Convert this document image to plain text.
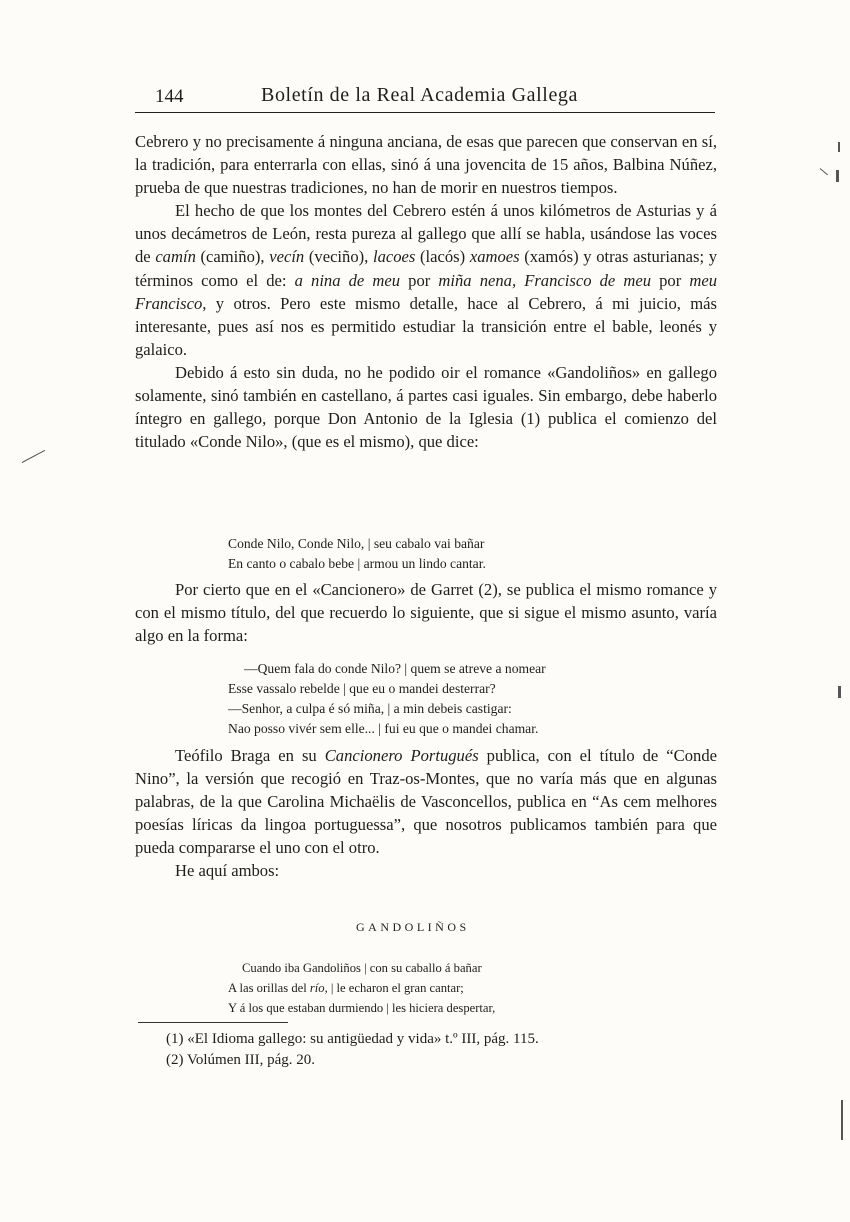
144	Boletín de la Real Academia Gallega

Cebrero y no precisamente á ninguna anciana, de esas que parecen que conservan en sí, la tradición, para enterrarla con ellas, sinó á una jovencita de 15 años, Balbina Núñez, prueba de que nuestras tradiciones, no han de morir en nuestros tiempos.

El hecho de que los montes del Cebrero estén á unos kilómetros de Asturias y á unos decámetros de León, resta pureza al gallego que allí se habla, usándose las voces de camín (camiño), vecín (veciño), lacoes (lacós) xamoes (xamós) y otras asturianas; y términos como el de: a nina de meu por miña nena, Francisco de meu por meu Francisco, y otros. Pero este mismo detalle, hace al Cebrero, á mi juicio, más interesante, pues así nos es permitido estudiar la transición entre el bable, leonés y galaico.

Debido á esto sin duda, no he podido oir el romance «Gandoliños» en gallego solamente, sinó también en castellano, á partes casi iguales. Sin embargo, debe haberlo íntegro en gallego, porque Don Antonio de la Iglesia (1) publica el comienzo del titulado «Conde Nilo», (que es el mismo), que dice:

Conde Nilo, Conde Nilo, | seu cabalo vai bañar
En canto o cabalo bebe | armou un lindo cantar.

Por cierto que en el «Cancionero» de Garret (2), se publica el mismo romance y con el mismo título, del que recuerdo lo siguiente, que si sigue el mismo asunto, varía algo en la forma:

—Quem fala do conde Nilo? | quem se atreve a nomear
Esse vassalo rebelde | que eu o mandei desterrar?
—Senhor, a culpa é só miña, | a min debeis castigar:
Nao posso vivér sem elle... | fui eu que o mandei chamar.

Teófilo Braga en su Cancionero Portugués publica, con el título de “Conde Nino”, la versión que recogió en Traz-os-Montes, que no varía más que en algunas palabras, de la que Carolina Michaëlis de Vasconcellos, publica en “As cem melhores poesías líricas da lingoa portuguessa”, que nosotros publicamos también para que pueda compararse el uno con el otro.

He aquí ambos:

GANDOLIÑOS
Cuando iba Gandoliños | con su caballo á bañar
A las orillas del río, | le echaron el gran cantar;
Y á los que estaban durmiendo | les hiciera despertar,
(1) «El Idioma gallego: su antigüedad y vida» t.º III, pág. 115.
(2) Volúmen III, pág. 20.
